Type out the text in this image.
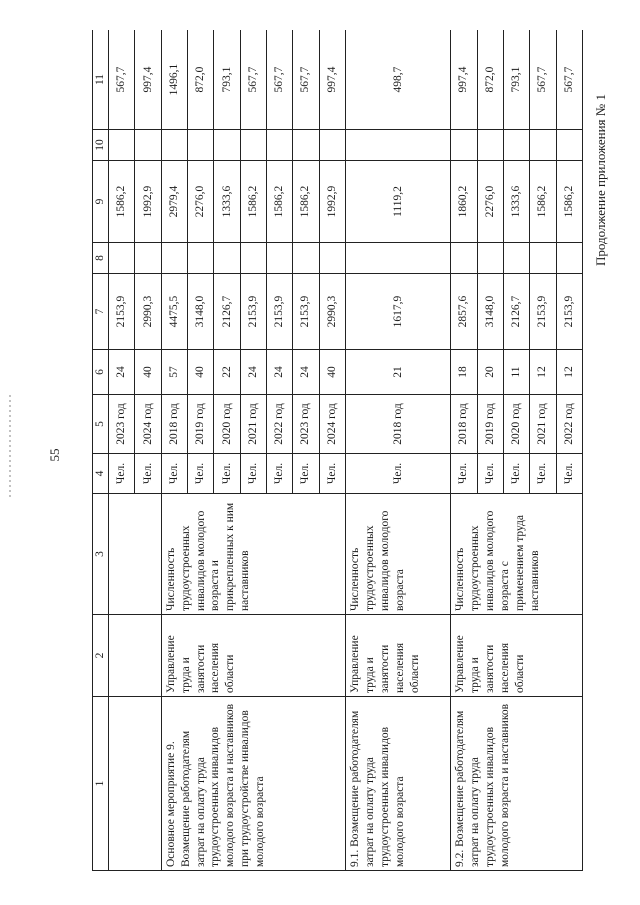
55
Продолжение приложения № 1
1	2	3	4	5	6	7	8	9	10	11
			Чел.	2023 год	24	2153,9		1586,2		567,7
			Чел.	2024 год	40	2990,3		1992,9		997,4
Основное мероприятие 9. Возмещение работодателям затрат на оплату труда трудоустроенных инвалидов молодого возраста и наставников при трудоустройстве инвалидов молодого возраста	Управление труда и занятости населения области	Численность трудоустроенных инвалидов молодого возраста и прикрепленных к ним наставников	Чел.	2018 год	57	4475,5		2979,4		1496,1
			Чел.	2019 год	40	3148,0		2276,0		872,0
			Чел.	2020 год	22	2126,7		1333,6		793,1
			Чел.	2021 год	24	2153,9		1586,2		567,7
			Чел.	2022 год	24	2153,9		1586,2		567,7
			Чел.	2023 год	24	2153,9		1586,2		567,7
			Чел.	2024 год	40	2990,3		1992,9		997,4
9.1. Возмещение работодателям затрат на оплату труда трудоустроенных инвалидов молодого возраста	Управление труда и занятости населения области	Численность трудоустроенных инвалидов молодого возраста	Чел.	2018 год	21	1617,9		1119,2		498,7
9.2. Возмещение работодателям затрат на оплату труда трудоустроенных инвалидов молодого возраста и наставников	Управление труда и занятости населения области	Численность трудоустроенных инвалидов молодого возраста с применением труда наставников	Чел.	2018 год	18	2857,6		1860,2		997,4
			Чел.	2019 год	20	3148,0		2276,0		872,0
			Чел.	2020 год	11	2126,7		1333,6		793,1
			Чел.	2021 год	12	2153,9		1586,2		567,7
			Чел.	2022 год	12	2153,9		1586,2		567,7
